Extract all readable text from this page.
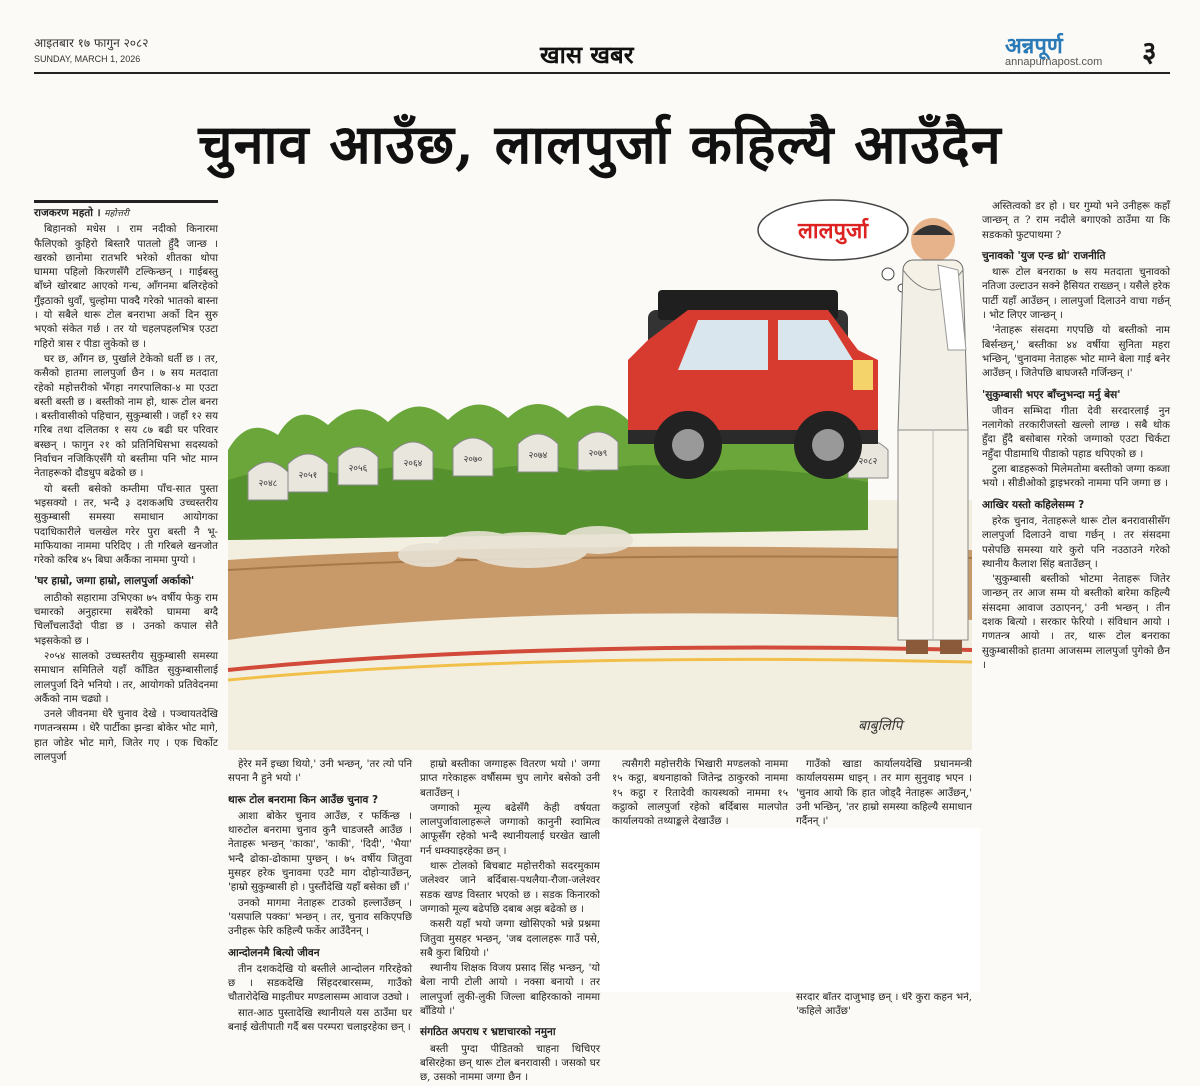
आइतबार १७ फागुन २०८२
SUNDAY, MARCH 1, 2026	खास खबर	अन्नपूर्ण
annapurnapost.com ३
चुनाव आउँछ, लालपुर्जा कहिल्यै आउँदैन
राजकरण महतो । महोत्तरी

बिहानको मधेस । राम नदीको किनारमा फैलिएको कुहिरो बिस्तारै पातलो हुँदै जान्छ । खरको छानोमा रातभरि भरेको शीतका थोपा घाममा पहिलो किरणसँगै टल्किन्छन् । गाईबस्तु बाँध्ने खोरबाट आएको गन्ध, आँगनमा बलिरहेको गुँइठाको धुवाँ, चुल्होमा पाक्दै गरेको भातको बास्ना । यो सबैले थारू टोल बनराभा अर्को दिन सुरु भएको संकेत गर्छ । तर यो चहलपहलभित्र एउटा गहिरो त्रास र पीडा लुकेको छ ।

घर छ, आँगन छ, पुर्खाले टेकेको धर्ती छ । तर, कसैको हातमा लालपुर्जा छैन । ७ सय मतदाता रहेको महोत्तरीको भँगहा नगरपालिका-४ मा एउटा बस्ती बस्ती छ । बस्तीको नाम हो, थारू टोल बनरा । बस्तीवासीको पहिचान, सुकुम्बासी । जहाँ १२ सय गरिब तथा दलितका १ सय ८७ बढी घर परिवार बस्छन् । फागुन २१ को प्रतिनिधिसभा सदस्यको निर्वाचन नजिकिएसँगै यो बस्तीमा पनि भोट माग्न नेताहरूको दौडधुप बढेको छ ।

यो बस्ती बसेको कम्तीमा पाँच-सात पुस्ता भइसक्यो । तर, भन्दै ३ दशकअघि उच्चस्तरीय सुकुम्बासी समस्या समाधान आयोगका पदाधिकारीले चलखेल गरेर पुरा बस्ती नै भू-माफियाका नाममा परिदिए । ती गरिबले खनजोत गरेको करिब ४५ बिघा अर्कैका नाममा पुग्यो ।

'घर हाम्रो, जग्गा हाम्रो, लालपुर्जा अर्काको'

लाठीको सहारामा उभिएका ७५ वर्षीय फेकु राम चमारको अनुहारमा सबेरैको घाममा बग्दै चिलाँचलाउँदो पीडा छ । उनको कपाल सेतै भइसकेको छ ।

२०५४ सालको उच्चस्तरीय सुकुम्बासी समस्या समाधान समितिले यहाँ काँडित सुकुम्बासीलाई लालपुर्जा दिने भनियो । तर, आयोगको प्रतिवेदनमा अर्कैको नाम चढ्यो ।

उनले जीवनमा धेरै चुनाव देखे । पञ्चायतदेखि गणतन्त्रसम्म । धेरै पार्टीका झन्डा बोकेर भोट मागे, हात जोडेर भोट मागे, जितेर गए । एक चिर्कोट लालपुर्जा

२०४८
२०५१
२०५६	२०६४	२०७०	२०७४	२०७९
२०८२
लालपुर्जा
बाबुलिपि

हेरेर मर्ने इच्छा थियो,' उनी भन्छन्, 'तर त्यो पनि सपना नै हुने भयो ।'

थारू टोल बनरामा किन आउँछ चुनाव ?

आशा बोकेर चुनाव आउँछ, र फर्किन्छ । थारुटोल बनरामा चुनाव कुनै चाडजस्तै आउँछ । नेताहरू भन्छन् 'काका', 'काकी', 'दिदी', 'भैया' भन्दै ढोका-ढोकामा पुग्छन् । ७५ वर्षीय जितुवा मुसहर हरेक चुनावमा एउटै माग दोहोर्‍याउँछन्, 'हाम्रो सुकुम्बासी हो । पुस्तौंदेखि यहाँ बसेका छौं ।'

उनको मागमा नेताहरू टाउको हल्लाउँछन् । 'यसपालि पक्का' भन्छन् । तर, चुनाव सकिएपछि उनीहरू फेरि कहिल्यै फर्केर आउँदैनन् ।

आन्दोलनमै बित्यो जीवन

तीन दशकदेखि यो बस्तीले आन्दोलन गरिरहेको छ । सडकदेखि सिंहदरबारसम्म, गाउँको चौतारोदेखि माइतीघर मण्डलासम्म आवाज उठ्यो ।

सात-आठ पुस्तादेखि स्थानीयले यस ठाउँमा घर बनाई खेतीपाती गर्दै बस परम्परा चलाइरहेका छन् ।

हाम्रो बस्तीका जग्गाहरू वितरण भयो ।' जग्गा प्राप्त गरेकाहरू वर्षौसम्म चुप लागेर बसेको उनी बताउँछन् ।

जग्गाको मूल्य बढेसँगै केही वर्षयता लालपुर्जावालाहरूले जग्गाको कानुनी स्वामित्व आफूसँग रहेको भन्दै स्थानीयलाई घरखेत खाली गर्न धम्क्याइरहेका छन् ।

थारू टोलको बिचबाट महोत्तरीको सदरमुकाम जलेश्वर जाने बर्दिबास-पथलैया-रौजा-जलेश्वर सडक खण्ड विस्तार भएको छ । सडक किनारको जग्गाको मूल्य बढेपछि दबाब अझ बढेको छ ।

कसरी यहाँ भयो जग्गा खोसिएको भन्ने प्रश्नमा जितुवा मुसहर भन्छन्, 'जब दलालहरू गाउँ पसे, सबै कुरा बिग्रियो ।'

स्थानीय शिक्षक विजय प्रसाद सिंह भन्छन्, 'यो बेला नापी टोली आयो । नक्सा बनायो । तर लालपुर्जा लुकी-लुकी जिल्ला बाहिरकाको नाममा बाँडियो ।'

संगठित अपराध र भ्रष्टाचारको नमुना

बस्ती पुग्दा पीडितको चाहना थिचिएर बसिरहेका छन् थारू टोल बनरावासी । जसको घर छ, उसको नाममा जग्गा छैन ।

त्यसैगरी महोत्तरीके भिखारी मण्डलको नाममा १५ कट्ठा, बथनाहाको जितेन्द्र ठाकुरको नाममा १५ कट्ठा र रितादेवी कायस्थको नाममा १५ कट्ठाको लालपुर्जा रहेको बर्दिबास मालपोत कार्यालयको तथ्याङ्कले देखाउँछ ।

गाउँको खाडा कार्यालयदेखि प्रधानमन्त्री कार्यालयसम्म धाइन् । तर माग सुनुवाइ भएन । 'चुनाव आयो कि हात जोड्दै नेताहरू आउँछन्,' उनी भन्छिन्, 'तर हाम्रो समस्या कहिल्यै समाधान गर्दैनन् ।'

सरदार बाँतर दाजुभाइ छन् । धेरै कुरा कहन भने, 'कहिले आउँछ'

अस्तित्वको डर हो । घर गुम्यो भने उनीहरू कहाँ जान्छन् त ? राम नदीले बगाएको ठाउँमा या कि सडकको फुटपाथमा ?

चुनावको 'युज एन्ड थ्रो' राजनीति

थारू टोल बनराका ७ सय मतदाता चुनावको नतिजा उल्टाउन सक्ने हैसियत राख्छन् । यसैले हरेक पार्टी यहाँ आउँछन् । लालपुर्जा दिलाउने वाचा गर्छन् । भोट लिएर जान्छन् ।

'नेताहरू संसदमा गएपछि यो बस्तीको नाम बिर्सन्छन्,' बस्तीका ४४ वर्षीया सुनिता महरा भन्छिन्, 'चुनावमा नेताहरू भोट माग्ने बेला गाई बनेर आउँछन् । जितेपछि बाघजस्तै गर्जिन्छन् ।'

'सुकुम्बासी भएर बाँच्नुभन्दा मर्नु बेस'

जीवन सम्भिदा गीता देवी सरदारलाई नुन नलागेको तरकारीजस्तो खल्लो लाग्छ । सबै थोक हुँदा हुँदै बसोबास गरेको जग्गाको एउटा चिर्कटा नहुँदा पीडामाथि पीडाको पहाड थपिएको छ ।

टुला बाडहरूको मिलेमतोमा बस्तीको जग्गा कब्जा भयो । सीडीओको ड्राइभरको नाममा पनि जग्गा छ ।

आखिर यस्तो कहिलेसम्म ?

हरेक चुनाव, नेताहरूले थारू टोल बनरावासीसँग लालपुर्जा दिलाउने वाचा गर्छन् । तर संसदमा पसेपछि समस्या यारे कुरो पनि नउठाउने गरेको स्थानीय कैलाश सिंह बताउँछन् ।

'सुकुम्बासी बस्तीको भोटमा नेताहरू जितेर जान्छन् तर आज सम्म यो बस्तीको बारेमा कहिल्यै संसदमा आवाज उठाएनन्,' उनी भन्छन् । तीन दशक बित्यो । सरकार फेरियो । संविधान आयो । गणतन्त्र आयो । तर, थारू टोल बनराका सुकुम्बासीको हातमा आजसम्म लालपुर्जा पुगेको छैन ।
